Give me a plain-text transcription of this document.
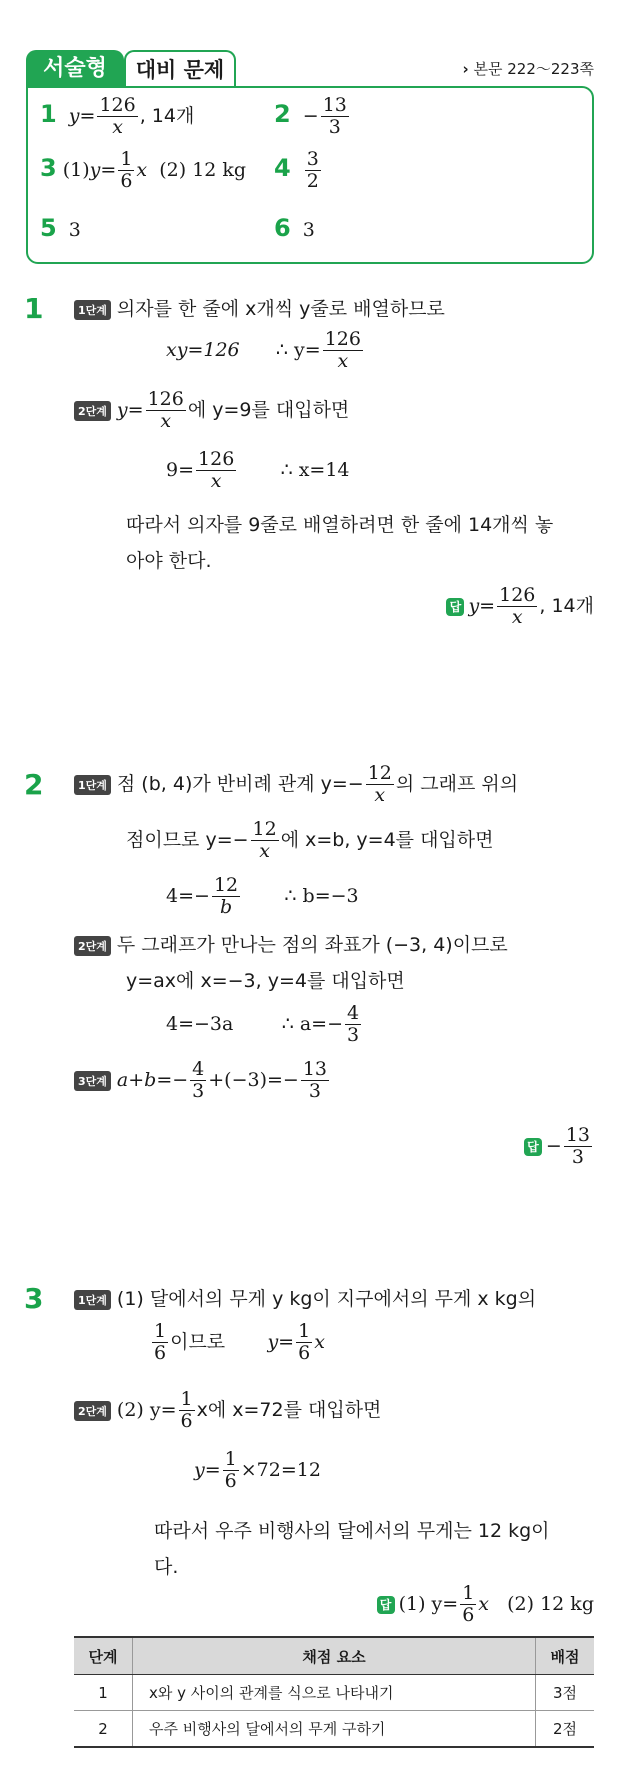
서술형	대비 문제	› 본문 222～223쪽
1 $y= \frac{126}{x}$ , 14개	$2 - \frac{13}{3}$
3 $(1)y= \frac{1}{6}$ x (2) 12 kg $4 \frac{3}{2}$
5 3	6 3
1	1단계 의자를 한 줄에 x개씩 y줄로 배열하므로
xy=126 ∴ $y= \frac{126}{x}$
2단계 $y= \frac{126}{x}$ 에 y=9를 대입하면
$9= \frac{126}{x}$ ∴ x=14
따라서 의자를 9줄로 배열하려면 한 줄에 14개씩 놓
아야 한다.
답 $y= \frac{126}{x}$ , 14개
2	1단계 점 (b, 4)가 반비례 관계 $y=- \frac{12}{x}$ 의 그래프 위의
점이므로 $y=- \frac{12}{x}$ 에 x=b, y=4를 대입하면
$4=- \frac{12}{b}$ ∴ b=−3
2단계 두 그래프가 만나는 점의 좌표가 (−3, 4)이므로
y=ax에 x=−3, y=4를 대입하면
4=−3a	∴ $a=- \frac{4}{3}$
3단계 $a+b=- \frac{4}{3} +(-3)=- \frac{13}{3}$
답 − $\frac{13}{3}$
3	1단계 (1) 달에서의 무게 y kg이 지구에서의 무게 x kg의
$\frac{1}{6}$ 이므로 $y= \frac{1}{6}$ x
2단계 (2) $y= \frac{1}{6}$ x에 x=72를 대입하면
$y= \frac{1}{6} \times 72=12$
따라서 우주 비행사의 달에서의 무게는 12 kg이
다.
답 (1) $y= \frac{1}{6}$ x (2) 12 kg
단계	채점 요소	배점
1	x와 y 사이의 관계를 식으로 나타내기	3점
2	우주 비행사의 달에서의 무게 구하기	2점
